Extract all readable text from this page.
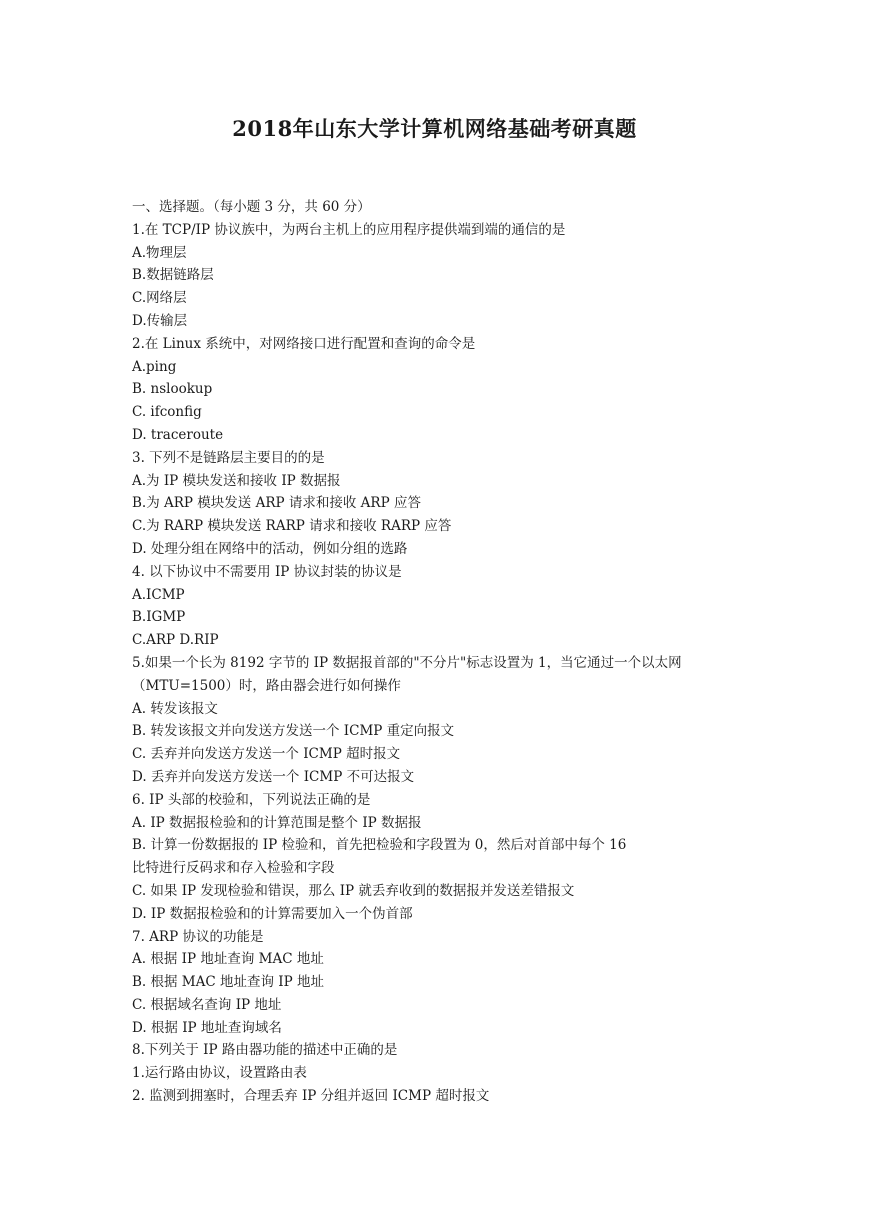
2018年山东大学计算机网络基础考研真题
一、选择题。（每小题 3 分，共 60 分）
1.在 TCP/IP 协议族中，为两台主机上的应用程序提供端到端的通信的是
A.物理层
B.数据链路层
C.网络层
D.传输层
2.在 Linux 系统中，对网络接口进行配置和查询的命令是
A.ping
B. nslookup
C. ifconfig
D. traceroute
3. 下列不是链路层主要目的的是
A.为 IP 模块发送和接收 IP 数据报
B.为 ARP 模块发送 ARP 请求和接收 ARP 应答
C.为 RARP 模块发送 RARP 请求和接收 RARP 应答
D. 处理分组在网络中的活动，例如分组的选路
4. 以下协议中不需要用 IP 协议封装的协议是
A.ICMP
B.IGMP
C.ARP D.RIP
5.如果一个长为 8192 字节的 IP 数据报首部的"不分片"标志设置为 1，当它通过一个以太网
（MTU=1500）时，路由器会进行如何操作
A. 转发该报文
B. 转发该报文并向发送方发送一个 ICMP 重定向报文
C. 丢弃并向发送方发送一个 ICMP 超时报文
D. 丢弃并向发送方发送一个 ICMP 不可达报文
6. IP 头部的校验和，下列说法正确的是
A. IP 数据报检验和的计算范围是整个 IP 数据报
B. 计算一份数据报的 IP 检验和，首先把检验和字段置为 0，然后对首部中每个 16
比特进行反码求和存入检验和字段
C. 如果 IP 发现检验和错误，那么 IP 就丢弃收到的数据报并发送差错报文
D. IP 数据报检验和的计算需要加入一个伪首部
7. ARP 协议的功能是
A. 根据 IP 地址查询 MAC 地址
B. 根据 MAC 地址查询 IP 地址
C. 根据域名查询 IP 地址
D. 根据 IP 地址查询域名
8.下列关于 IP 路由器功能的描述中正确的是
1.运行路由协议，设置路由表
2. 监测到拥塞时，合理丢弃 IP 分组并返回 ICMP 超时报文
